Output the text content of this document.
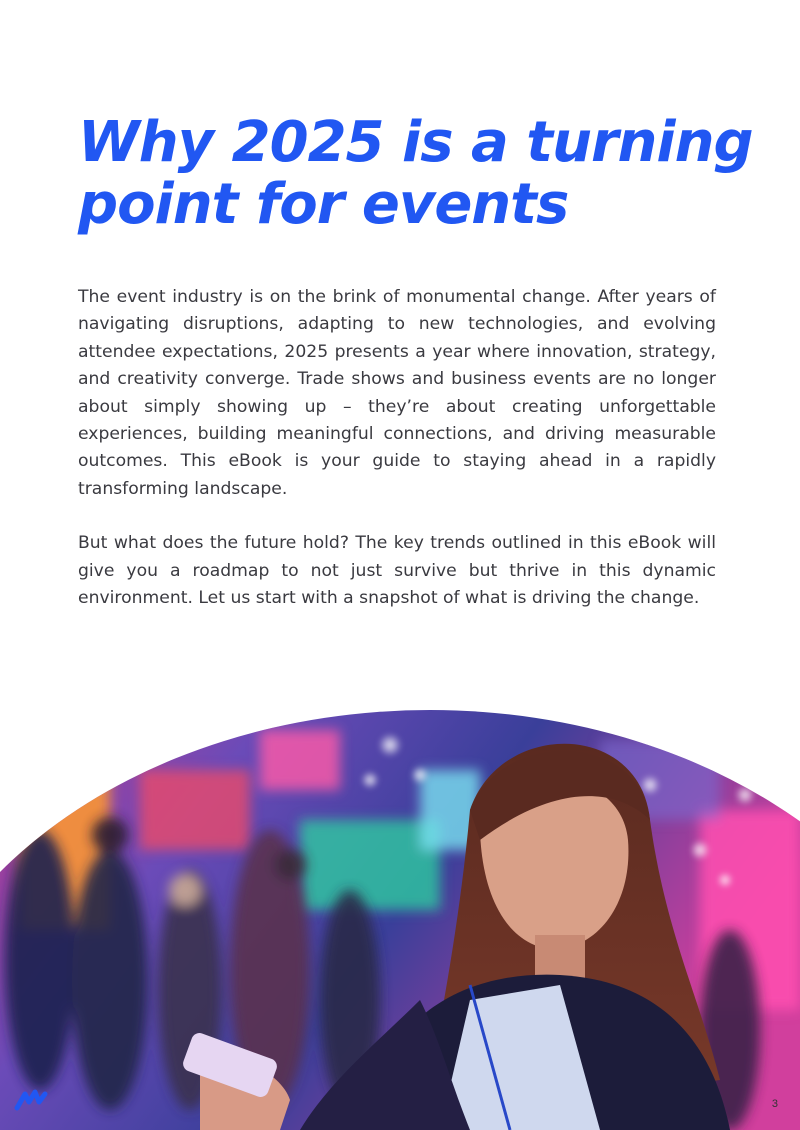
Why 2025 is a turning point for events

The event industry is on the brink of monumental change. After years of navigating disruptions, adapting to new technologies, and evolving attendee expectations, 2025 presents a year where innovation, strategy, and creativity converge. Trade shows and business events are no longer about simply showing up – they’re about creating unforgettable experiences, building meaningful connections, and driving measurable outcomes. This eBook is your guide to staying ahead in a rapidly transforming landscape.

But what does the future hold? The key trends outlined in this eBook will give you a roadmap to not just survive but thrive in this dynamic environment. Let us start with a snapshot of what is driving the change.

3
